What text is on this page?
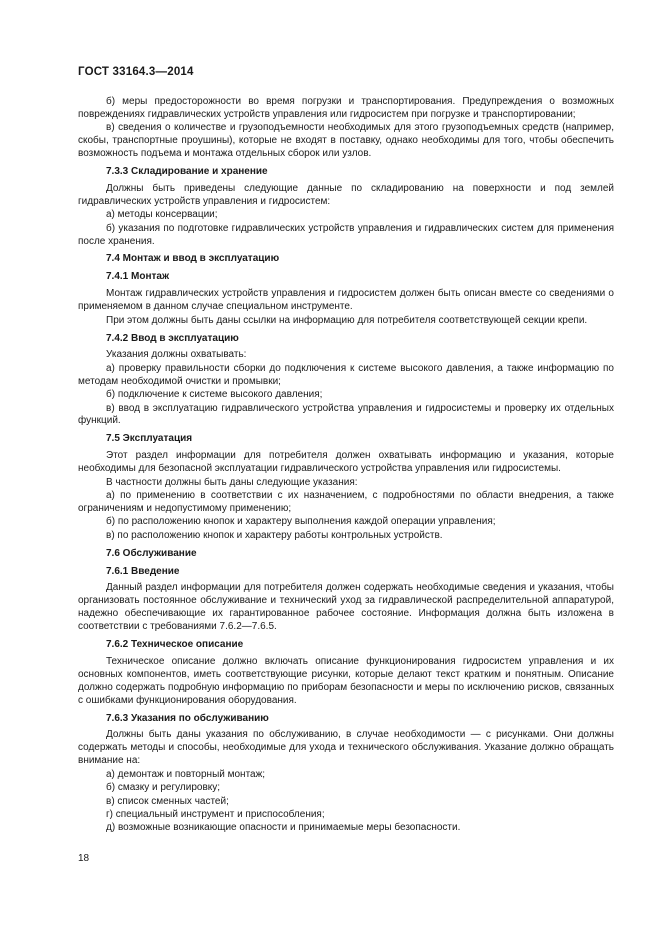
ГОСТ 33164.3—2014

б) меры предосторожности во время погрузки и транспортирования. Предупреждения о возможных повреждениях гидравлических устройств управления или гидросистем при погрузке и транспортировании;

в) сведения о количестве и грузоподъемности необходимых для этого грузоподъемных средств (например, скобы, транспортные проушины), которые не входят в поставку, однако необходимы для того, чтобы обеспечить возможность подъема и монтажа отдельных сборок или узлов.

7.3.3 Складирование и хранение

Должны быть приведены следующие данные по складированию на поверхности и под землей гидравлических устройств управления и гидросистем:

а) методы консервации;

б) указания по подготовке гидравлических устройств управления и гидравлических систем для применения после хранения.

7.4 Монтаж и ввод в эксплуатацию
7.4.1 Монтаж

Монтаж гидравлических устройств управления и гидросистем должен быть описан вместе со сведениями о применяемом в данном случае специальном инструменте.

При этом должны быть даны ссылки на информацию для потребителя соответствующей секции крепи.

7.4.2 Ввод в эксплуатацию

Указания должны охватывать:

а) проверку правильности сборки до подключения к системе высокого давления, а также информацию по методам необходимой очистки и промывки;

б) подключение к системе высокого давления;

в) ввод в эксплуатацию гидравлического устройства управления и гидросистемы и проверку их отдельных функций.

7.5 Эксплуатация

Этот раздел информации для потребителя должен охватывать информацию и указания, которые необходимы для безопасной эксплуатации гидравлического устройства управления или гидросистемы.

В частности должны быть даны следующие указания:

а) по применению в соответствии с их назначением, с подробностями по области внедрения, а также ограничениям и недопустимому применению;

б) по расположению кнопок и характеру выполнения каждой операции управления;

в) по расположению кнопок и характеру работы контрольных устройств.

7.6 Обслуживание
7.6.1 Введение

Данный раздел информации для потребителя должен содержать необходимые сведения и указания, чтобы организовать постоянное обслуживание и технический уход за гидравлической распределительной аппаратурой, надежно обеспечивающие их гарантированное рабочее состояние. Информация должна быть изложена в соответствии с требованиями 7.6.2—7.6.5.

7.6.2 Техническое описание

Техническое описание должно включать описание функционирования гидросистем управления и их основных компонентов, иметь соответствующие рисунки, которые делают текст кратким и понятным. Описание должно содержать подробную информацию по приборам безопасности и меры по исключению рисков, связанных с ошибками функционирования оборудования.

7.6.3 Указания по обслуживанию

Должны быть даны указания по обслуживанию, в случае необходимости — с рисунками. Они должны содержать методы и способы, необходимые для ухода и технического обслуживания. Указание должно обращать внимание на:

а) демонтаж и повторный монтаж;

б) смазку и регулировку;

в) список сменных частей;

г) специальный инструмент и приспособления;

д) возможные возникающие опасности и принимаемые меры безопасности.

18
